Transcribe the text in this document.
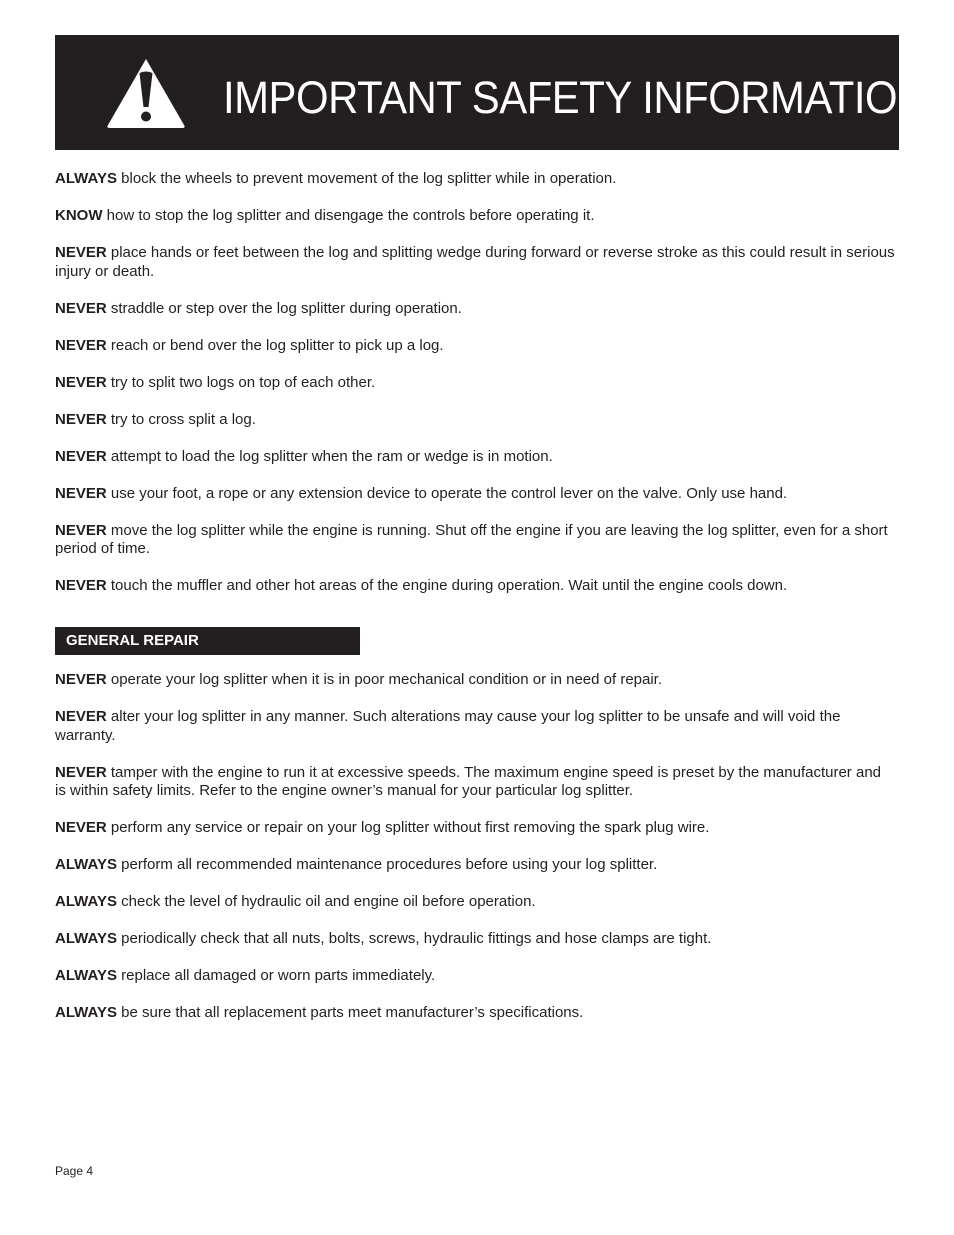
IMPORTANT SAFETY INFORMATION

ALWAYS block the wheels to prevent movement of the log splitter while in operation.

KNOW how to stop the log splitter and disengage the controls before operating it.

NEVER place hands or feet between the log and splitting wedge during forward or reverse stroke as this could result in serious injury or death.

NEVER straddle or step over the log splitter during operation.

NEVER reach or bend over the log splitter to pick up a log.

NEVER try to split two logs on top of each other.

NEVER try to cross split a log.

NEVER attempt to load the log splitter when the ram or wedge is in motion.

NEVER use your foot, a rope or any extension device to operate the control lever on the valve. Only use hand.

NEVER move the log splitter while the engine is running. Shut off the engine if you are leaving the log splitter, even for a short period of time.

NEVER touch the muffler and other hot areas of the engine during operation. Wait until the engine cools down.

GENERAL REPAIR

NEVER operate your log splitter when it is in poor mechanical condition or in need of repair.

NEVER alter your log splitter in any manner. Such alterations may cause your log splitter to be unsafe and will void the warranty.

NEVER tamper with the engine to run it at excessive speeds. The maximum engine speed is preset by the manufacturer and is within safety limits. Refer to the engine owner’s manual for your particular log splitter.

NEVER perform any service or repair on your log splitter without first removing the spark plug wire.

ALWAYS perform all recommended maintenance procedures before using your log splitter.

ALWAYS check the level of hydraulic oil and engine oil before operation.

ALWAYS periodically check that all nuts, bolts, screws, hydraulic fittings and hose clamps are tight.

ALWAYS replace all damaged or worn parts immediately.

ALWAYS be sure that all replacement parts meet manufacturer’s specifications.

Page 4
